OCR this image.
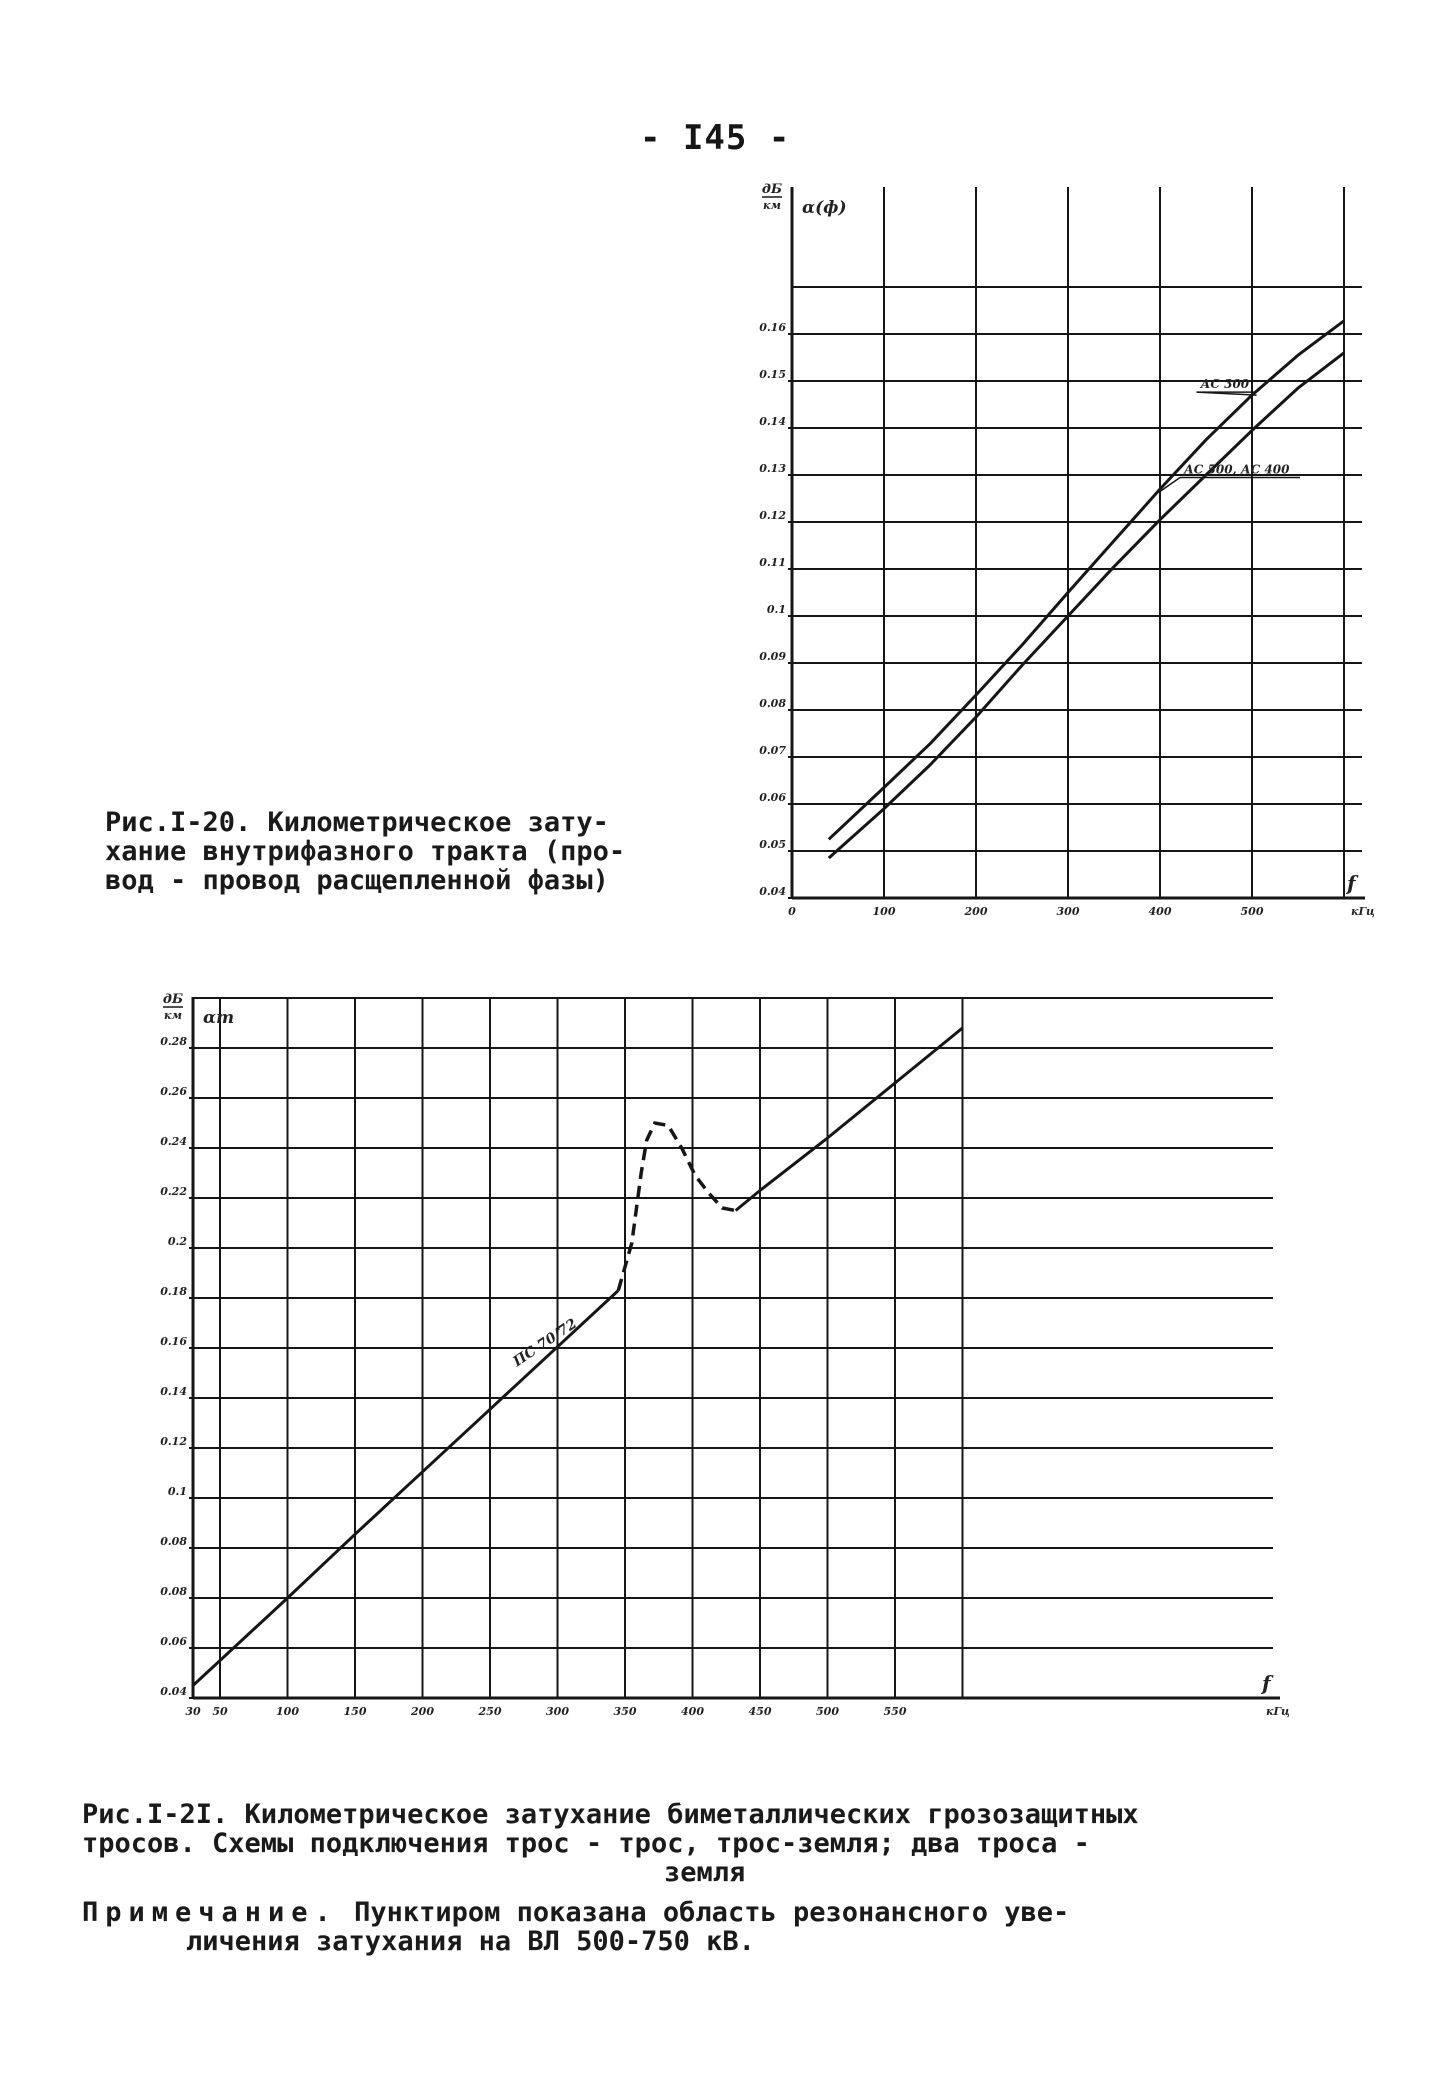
- I45 -
0.04
0.05
0.06
0.07
0.08
0.09
0.1
0.11
0.12
0.13
0.14
0.15
0.16
0	100	200	300	400	500
дБ
км α(ф)
f
кГц
АС 300
АС 500, АС 400
Рис.I-20. Километрическое зату-
хание внутрифазного тракта (про-
вод - провод расщепленной фазы)
0.04
0.06
0.08
0.08
0.1
0.12
0.14
0.16
0.18
0.2
0.22
0.24
0.26
0.28
30 50	100	150	200	250	300	350	400	450	500	550
дБ
км αт
f
кГц
ПС 70/72
Рис.I-2I. Километрическое затухание биметаллических грозозащитных
тросов. Схемы подключения трос - трос, трос-земля; два троса -
земля
Примечание. Пунктиром показана область резонансного уве-
личения затухания на ВЛ 500-750 кВ.
